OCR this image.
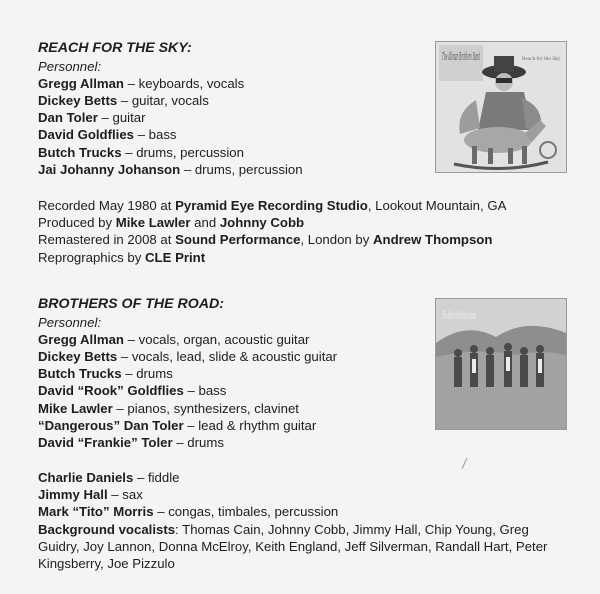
REACH FOR THE SKY:
Personnel:
Gregg Allman – keyboards, vocals
Dickey Betts – guitar, vocals
Dan Toler – guitar
David Goldflies – bass
Butch Trucks – drums, percussion
Jai Johanny Johanson – drums, percussion
The Allman Brothers Band	Reach for the Sky
Recorded May 1980 at Pyramid Eye Recording Studio, Lookout Mountain, GA
Produced by Mike Lawler and Johnny Cobb
Remastered in 2008 at Sound Performance, London by Andrew Thompson
Reprographics by CLE Print
BROTHERS OF THE ROAD:
Personnel:
Gregg Allman – vocals, organ, acoustic guitar
Dickey Betts – vocals, lead, slide & acoustic guitar
Butch Trucks – drums
David “Rook” Goldflies – bass
Mike Lawler – pianos, synthesizers, clavinet
“Dangerous” Dan Toler – lead & rhythm guitar
David “Frankie” Toler – drums
The Allman Brothers Band
Charlie Daniels – fiddle
Jimmy Hall – sax
Mark “Tito” Morris – congas, timbales, percussion
Background vocalists: Thomas Cain, Johnny Cobb, Jimmy Hall, Chip Young, Greg Guidry, Joy Lannon, Donna McElroy, Keith England, Jeff Silverman, Randall Hart, Peter Kingsberry, Joe Pizzulo
